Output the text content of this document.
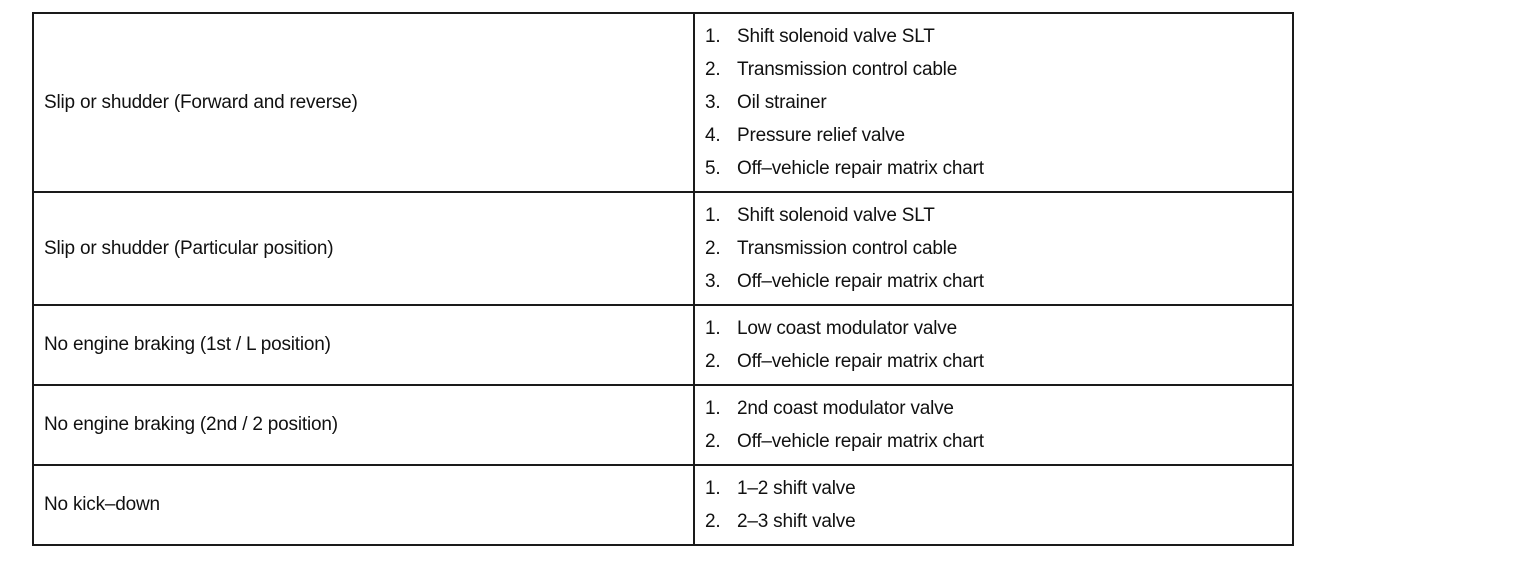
Slip or shudder (Forward and reverse)
1. Shift solenoid valve SLT
2. Transmission control cable
3. Oil strainer
4. Pressure relief valve
5. Off–vehicle repair matrix chart
Slip or shudder (Particular position)
1. Shift solenoid valve SLT
2. Transmission control cable
3. Off–vehicle repair matrix chart
No engine braking (1st / L position)
1. Low coast modulator valve
2. Off–vehicle repair matrix chart
No engine braking (2nd / 2 position)
1. 2nd coast modulator valve
2. Off–vehicle repair matrix chart
No kick–down
1. 1–2 shift valve
2. 2–3 shift valve
